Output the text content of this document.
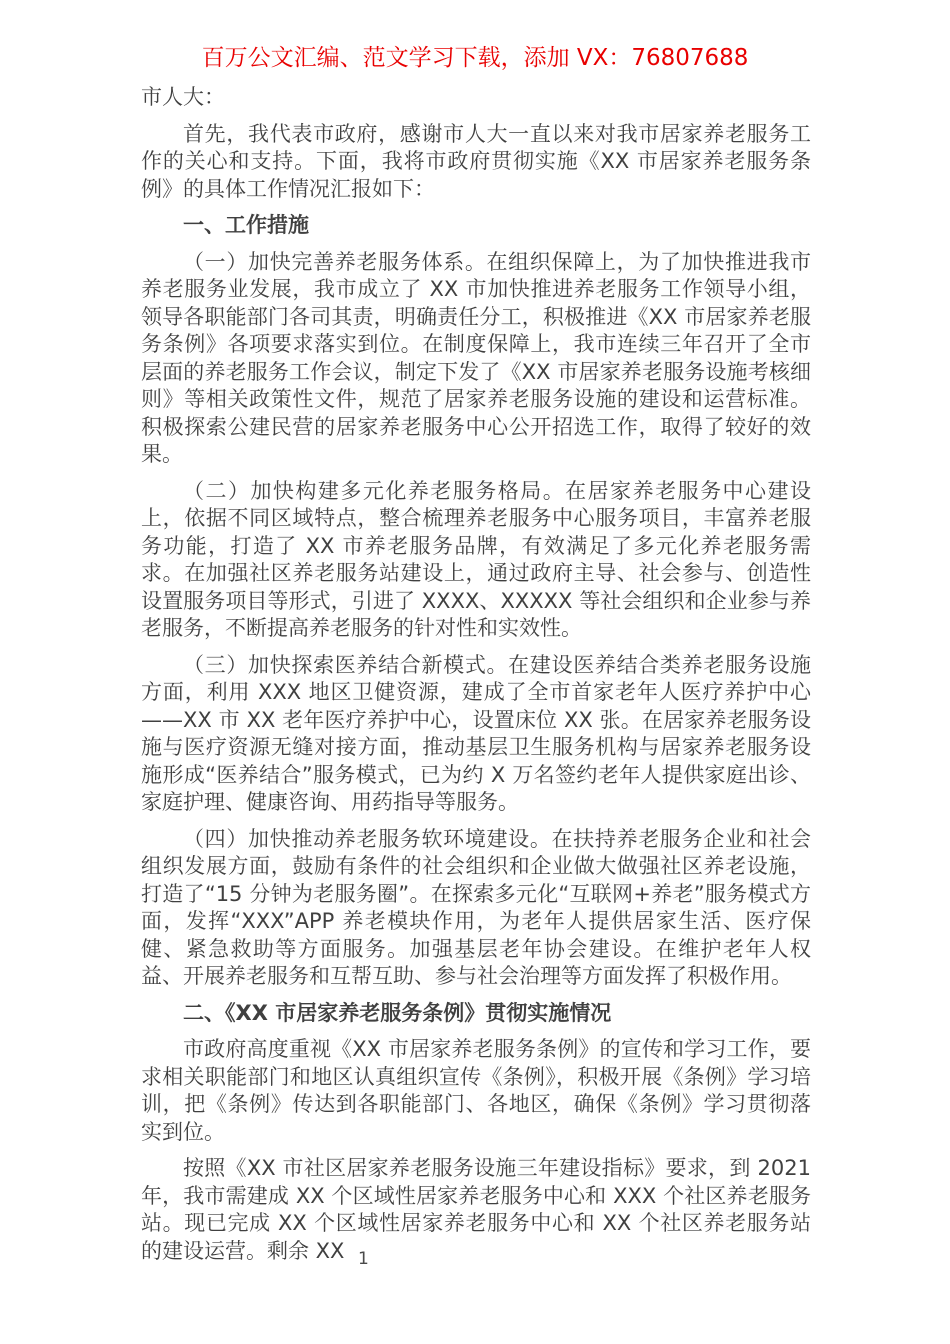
百万公文汇编、范文学习下载，添加 VX：76807688

市人大：

首先，我代表市政府，感谢市人大一直以来对我市居家养老服务工作的关心和支持。下面，我将市政府贯彻实施《XX 市居家养老服务条例》的具体工作情况汇报如下：

一、工作措施

（一）加快完善养老服务体系。在组织保障上，为了加快推进我市养老服务业发展，我市成立了 XX 市加快推进养老服务工作领导小组，领导各职能部门各司其责，明确责任分工，积极推进《XX 市居家养老服务条例》各项要求落实到位。在制度保障上，我市连续三年召开了全市层面的养老服务工作会议，制定下发了《XX 市居家养老服务设施考核细则》等相关政策性文件，规范了居家养老服务设施的建设和运营标准。积极探索公建民营的居家养老服务中心公开招选工作，取得了较好的效果。

（二）加快构建多元化养老服务格局。在居家养老服务中心建设上，依据不同区域特点，整合梳理养老服务中心服务项目，丰富养老服务功能，打造了 XX 市养老服务品牌，有效满足了多元化养老服务需求。在加强社区养老服务站建设上，通过政府主导、社会参与、创造性设置服务项目等形式，引进了 XXXX、XXXXX 等社会组织和企业参与养老服务，不断提高养老服务的针对性和实效性。

（三）加快探索医养结合新模式。在建设医养结合类养老服务设施方面，利用 XXX 地区卫健资源，建成了全市首家老年人医疗养护中心——XX 市 XX 老年医疗养护中心，设置床位 XX 张。在居家养老服务设施与医疗资源无缝对接方面，推动基层卫生服务机构与居家养老服务设施形成“医养结合”服务模式，已为约 X 万名签约老年人提供家庭出诊、家庭护理、健康咨询、用药指导等服务。

（四）加快推动养老服务软环境建设。在扶持养老服务企业和社会组织发展方面，鼓励有条件的社会组织和企业做大做强社区养老设施，打造了“15 分钟为老服务圈”。在探索多元化“互联网+养老”服务模式方面，发挥“XXX”APP 养老模块作用，为老年人提供居家生活、医疗保健、紧急救助等方面服务。加强基层老年协会建设。在维护老年人权益、开展养老服务和互帮互助、参与社会治理等方面发挥了积极作用。

二、《XX 市居家养老服务条例》贯彻实施情况

市政府高度重视《XX 市居家养老服务条例》的宣传和学习工作，要求相关职能部门和地区认真组织宣传《条例》，积极开展《条例》学习培训，把《条例》传达到各职能部门、各地区，确保《条例》学习贯彻落实到位。

按照《XX 市社区居家养老服务设施三年建设指标》要求，到 2021 年，我市需建成 XX 个区域性居家养老服务中心和 XXX 个社区养老服务站。现已完成 XX 个区域性居家养老服务中心和 XX 个社区养老服务站的建设运营。剩余 XX 1
